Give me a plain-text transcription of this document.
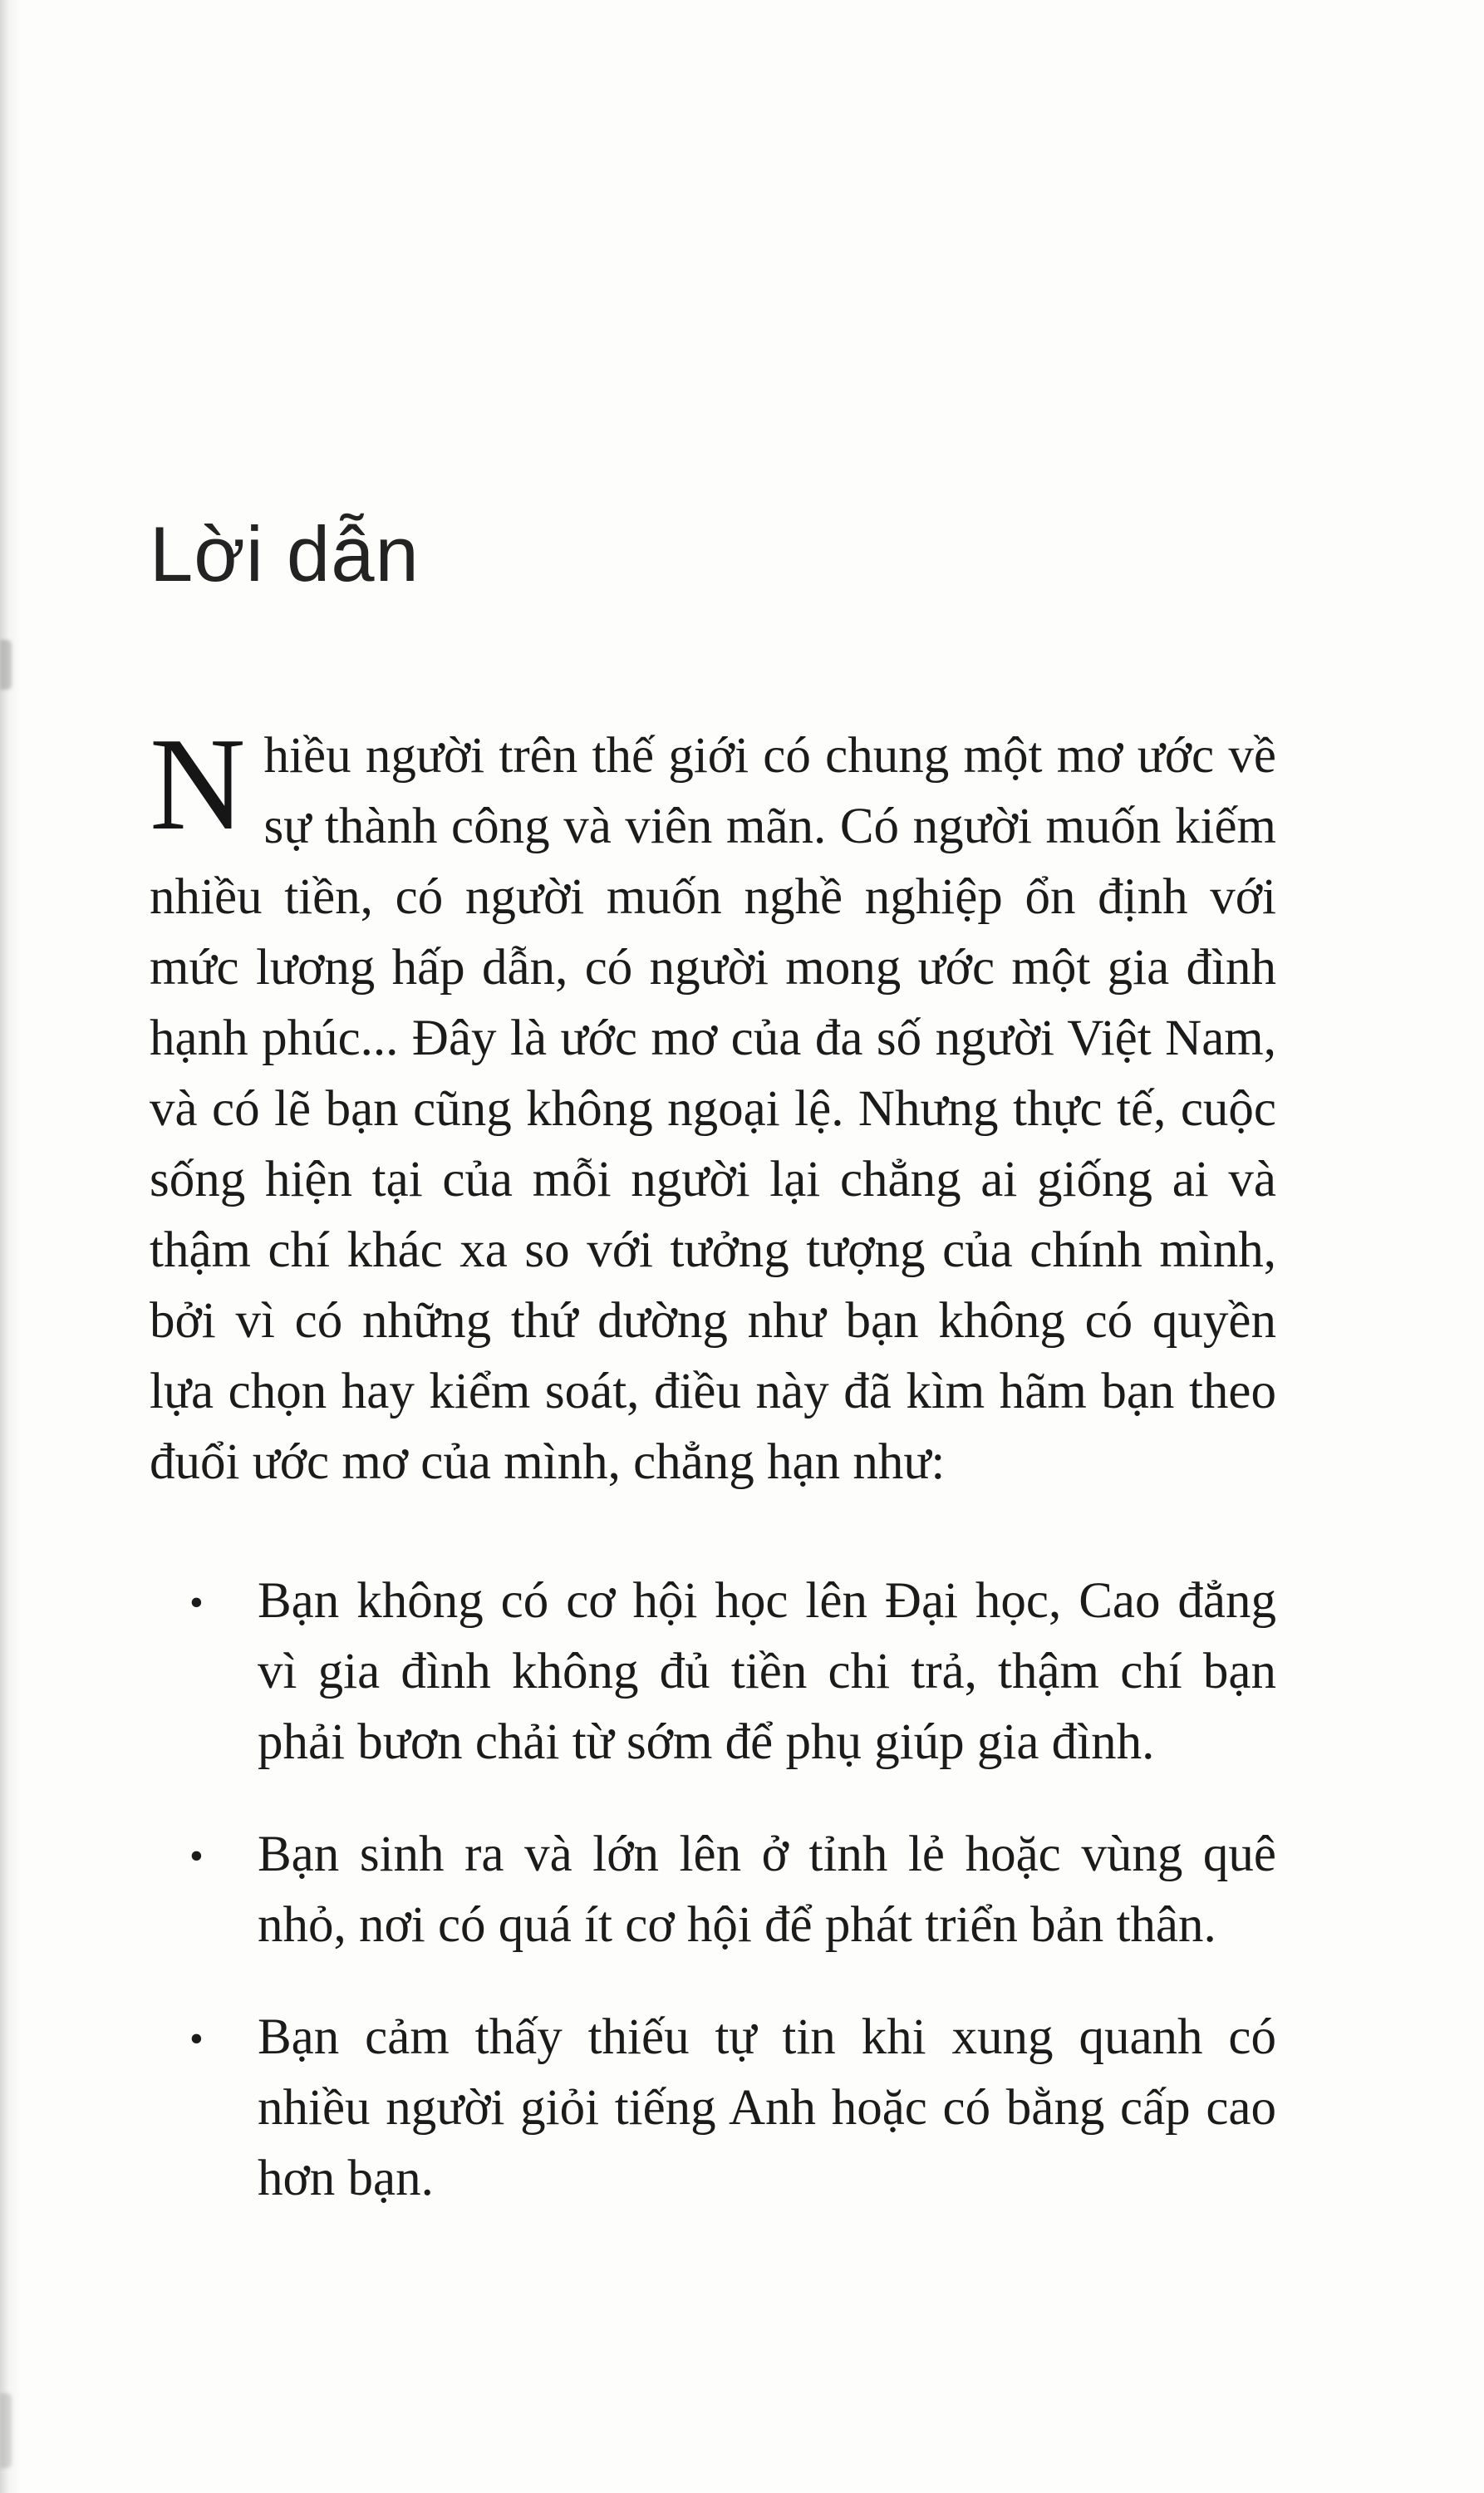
Lời dẫn

Nhiều người trên thế giới có chung một mơ ước về sự thành công và viên mãn. Có người muốn kiếm nhiều tiền, có người muốn nghề nghiệp ổn định với mức lương hấp dẫn, có người mong ước một gia đình hạnh phúc... Đây là ước mơ của đa số người Việt Nam, và có lẽ bạn cũng không ngoại lệ. Nhưng thực tế, cuộc sống hiện tại của mỗi người lại chẳng ai giống ai và thậm chí khác xa so với tưởng tượng của chính mình, bởi vì có những thứ dường như bạn không có quyền lựa chọn hay kiểm soát, điều này đã kìm hãm bạn theo đuổi ước mơ của mình, chẳng hạn như:

• Bạn không có cơ hội học lên Đại học, Cao đẳng vì gia đình không đủ tiền chi trả, thậm chí bạn phải bươn chải từ sớm để phụ giúp gia đình.
• Bạn sinh ra và lớn lên ở tỉnh lẻ hoặc vùng quê nhỏ, nơi có quá ít cơ hội để phát triển bản thân.
• Bạn cảm thấy thiếu tự tin khi xung quanh có nhiều người giỏi tiếng Anh hoặc có bằng cấp cao hơn bạn.
